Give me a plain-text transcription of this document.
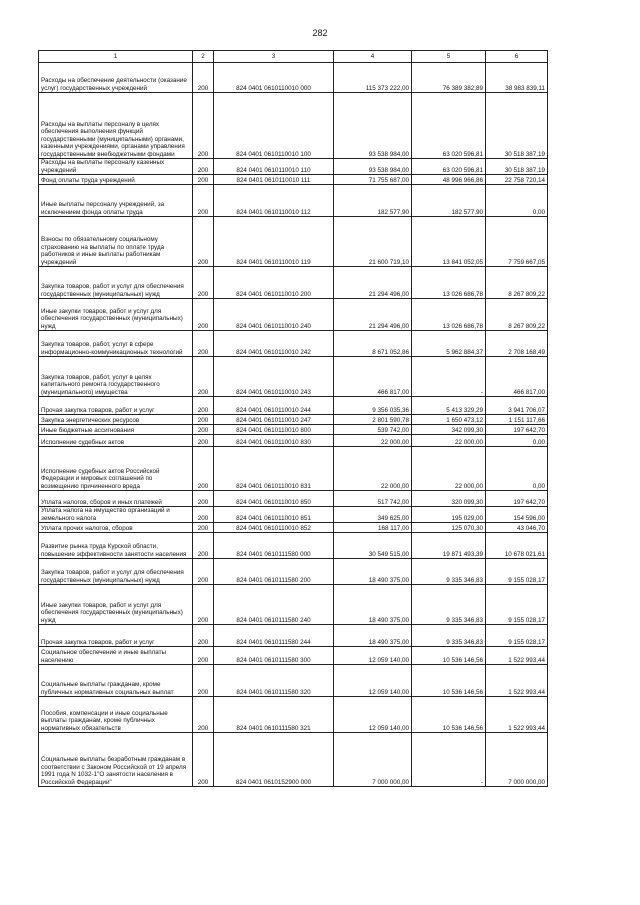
282
1	2	3	4	5	6
Расходы на обеспечение деятельности (оказание услуг) государственных учреждений	200	824 0401 0610110010 000	115 373 222,00	76 389 382,89	38 983 839,11
Расходы на выплаты персоналу в целях обеспечения выполнения функций государственными (муниципальными) органами, казенными учреждениями, органами управления государственными внебюджетными фондами	200	824 0401 0610110010 100	93 538 984,00	63 020 596,81	30 518 387,19
Расходы на выплаты персоналу казенных учреждений	200	824 0401 0610110010 110	93 538 984,00	63 020 596,81	30 518 387,19
Фонд оплаты труда учреждений	200	824 0401 0610110010 111	71 755 687,00	48 996 966,86	22 758 720,14
Иные выплаты персоналу учреждений, за исключением фонда оплаты труда	200	824 0401 0610110010 112	182 577,90	182 577,90	0,00
Взносы по обязательному социальному страхованию на выплаты по оплате труда работников и иные выплаты работникам учреждений	200	824 0401 0610110010 119	21 600 719,10	13 841 052,05	7 759 667,05
Закупка товаров, работ и услуг для обеспечения государственных (муниципальных) нужд	200	824 0401 0610110010 200	21 294 496,00	13 026 686,78	8 267 809,22
Иные закупки товаров, работ и услуг для обеспечения государственных (муниципальных) нужд	200	824 0401 0610110010 240	21 294 496,00	13 026 686,78	8 267 809,22
Закупка товаров, работ, услуг в сфере информационно-коммуникационных технологий	200	824 0401 0610110010 242	8 671 052,86	5 962 884,37	2 708 168,49
Закупка товаров, работ, услуг в целях капитального ремонта государственного (муниципального) имущества	200	824 0401 0610110010 243	466 817,00	-	466 817,00
Прочая закупка товаров, работ и услуг	200	824 0401 0610110010 244	9 356 035,36	5 413 329,29	3 941 706,07
Закупка энергетических ресурсов	200	824 0401 0610110010 247	2 801 590,78	1 650 473,12	1 151 117,66
Иные бюджетные ассигнования	200	824 0401 0610110010 800	539 742,00	342 099,30	197 642,70
Исполнение судебных актов	200	824 0401 0610110010 830	22 000,00	22 000,00	0,00
Исполнение судебных актов Российской Федерации и мировых соглашений по возмещению причиненного вреда	200	824 0401 0610110010 831	22 000,00	22 000,00	0,00
Уплата налогов, сборов и иных платежей	200	824 0401 0610110010 850	517 742,00	320 099,30	197 642,70
Уплата налога на имущество организаций и земельного налога	200	824 0401 0610110010 851	349 625,00	195 029,00	154 596,00
Уплата прочих налогов, сборов	200	824 0401 0610110010 852	168 117,00	125 070,30	43 046,70
Развитие рынка труда Курской области, повышение эффективности занятости населения	200	824 0401 0610111580 000	30 549 515,00	19 871 493,39	10 678 021,61
Закупка товаров, работ и услуг для обеспечения государственных (муниципальных) нужд	200	824 0401 0610111580 200	18 490 375,00	9 335 346,83	9 155 028,17
Иные закупки товаров, работ и услуг для обеспечения государственных (муниципальных) нужд	200	824 0401 0610111580 240	18 490 375,00	9 335 346,83	9 155 028,17
Прочая закупка товаров, работ и услуг	200	824 0401 0610111580 244	18 490 375,00	9 335 346,83	9 155 028,17
Социальное обеспечение и иные выплаты населению	200	824 0401 0610111580 300	12 059 140,00	10 536 146,56	1 522 993,44
Социальные выплаты гражданам, кроме публичных нормативных социальных выплат	200	824 0401 0610111580 320	12 059 140,00	10 536 146,56	1 522 993,44
Пособия, компенсации и иные социальные выплаты гражданам, кроме публичных нормативных обязательств	200	824 0401 0610111580 321	12 059 140,00	10 536 146,56	1 522 993,44
Социальные выплаты безработным гражданам в соответствии с Законом Российской от 19 апреля 1991 года N 1032-1"О занятости населения в Российской Федерации"	200	824 0401 0610152900 000	7 000 000,00	-	7 000 000,00
